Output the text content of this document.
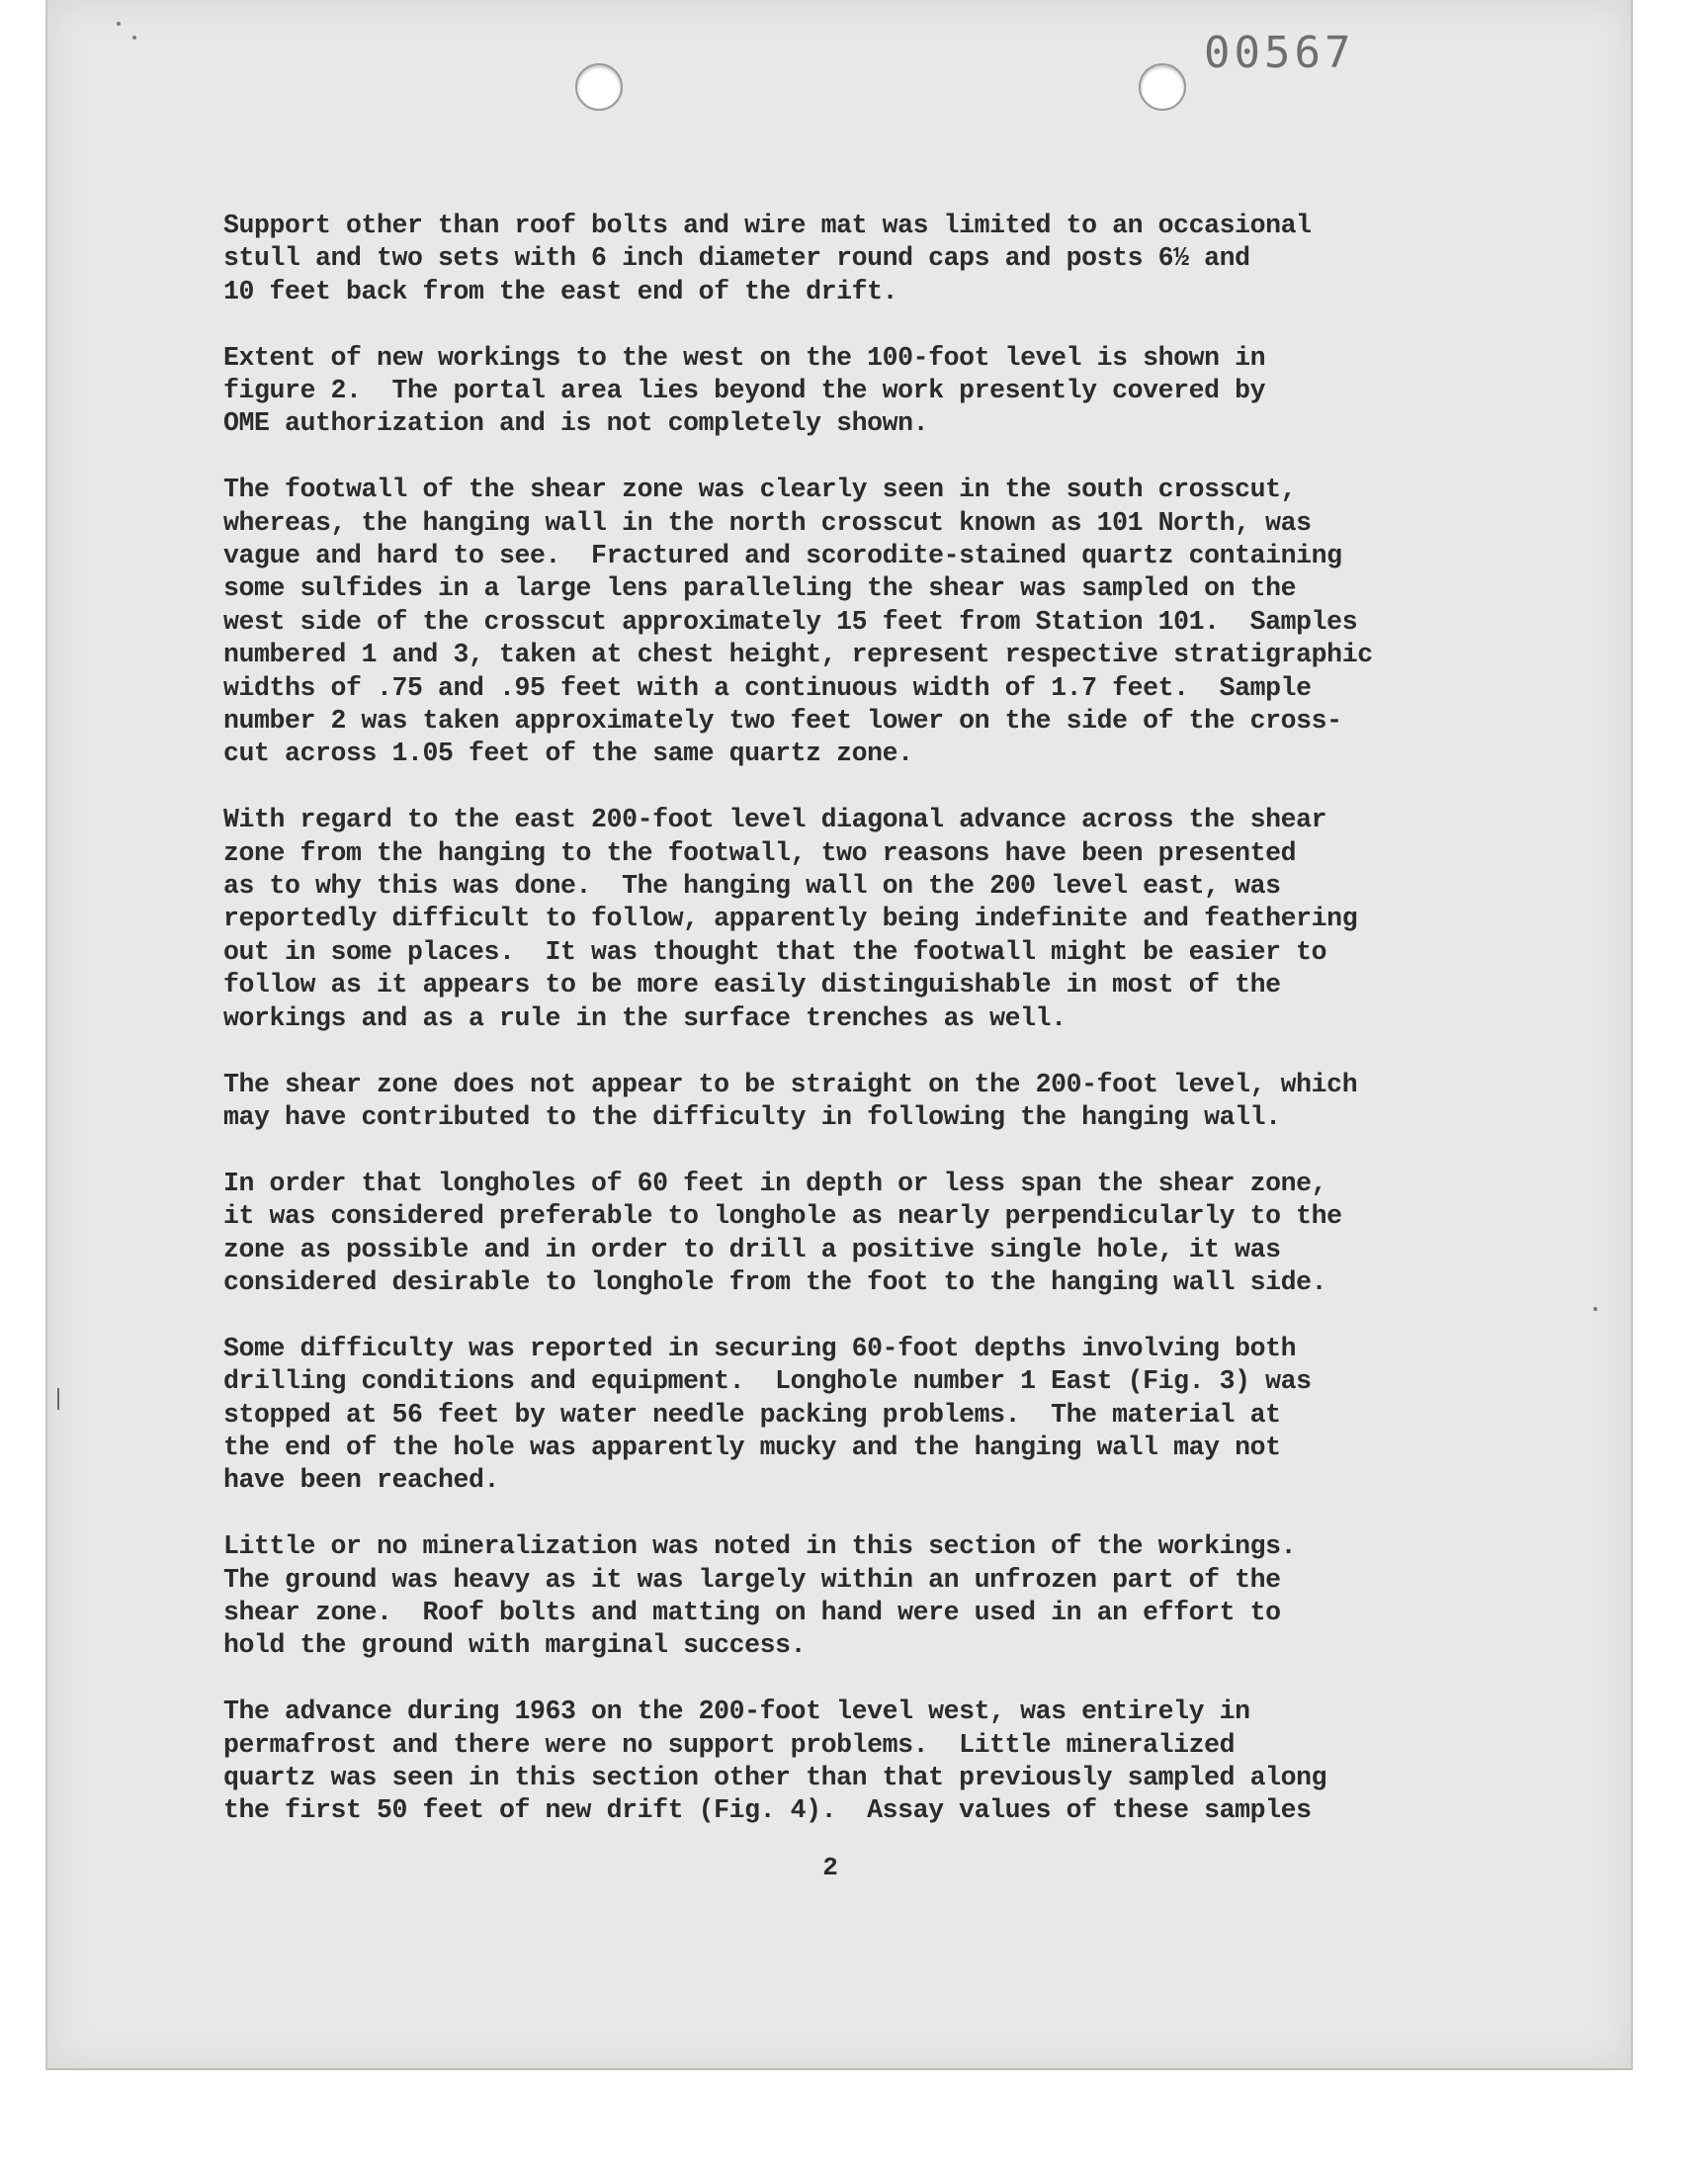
00567
Support other than roof bolts and wire mat was limited to an occasional
stull and two sets with 6 inch diameter round caps and posts 6½ and
10 feet back from the east end of the drift.
Extent of new workings to the west on the 100-foot level is shown in
figure 2.  The portal area lies beyond the work presently covered by
OME authorization and is not completely shown.
The footwall of the shear zone was clearly seen in the south crosscut,
whereas, the hanging wall in the north crosscut known as 101 North, was
vague and hard to see.  Fractured and scorodite-stained quartz containing
some sulfides in a large lens paralleling the shear was sampled on the
west side of the crosscut approximately 15 feet from Station 101.  Samples
numbered 1 and 3, taken at chest height, represent respective stratigraphic
widths of .75 and .95 feet with a continuous width of 1.7 feet.  Sample
number 2 was taken approximately two feet lower on the side of the cross-
cut across 1.05 feet of the same quartz zone.
With regard to the east 200-foot level diagonal advance across the shear
zone from the hanging to the footwall, two reasons have been presented
as to why this was done.  The hanging wall on the 200 level east, was
reportedly difficult to follow, apparently being indefinite and feathering
out in some places.  It was thought that the footwall might be easier to
follow as it appears to be more easily distinguishable in most of the
workings and as a rule in the surface trenches as well.
The shear zone does not appear to be straight on the 200-foot level, which
may have contributed to the difficulty in following the hanging wall.
In order that longholes of 60 feet in depth or less span the shear zone,
it was considered preferable to longhole as nearly perpendicularly to the
zone as possible and in order to drill a positive single hole, it was
considered desirable to longhole from the foot to the hanging wall side.
Some difficulty was reported in securing 60-foot depths involving both
drilling conditions and equipment.  Longhole number 1 East (Fig. 3) was
stopped at 56 feet by water needle packing problems.  The material at
the end of the hole was apparently mucky and the hanging wall may not
have been reached.
Little or no mineralization was noted in this section of the workings.
The ground was heavy as it was largely within an unfrozen part of the
shear zone.  Roof bolts and matting on hand were used in an effort to
hold the ground with marginal success.
The advance during 1963 on the 200-foot level west, was entirely in
permafrost and there were no support problems.  Little mineralized
quartz was seen in this section other than that previously sampled along
the first 50 feet of new drift (Fig. 4).  Assay values of these samples
2
